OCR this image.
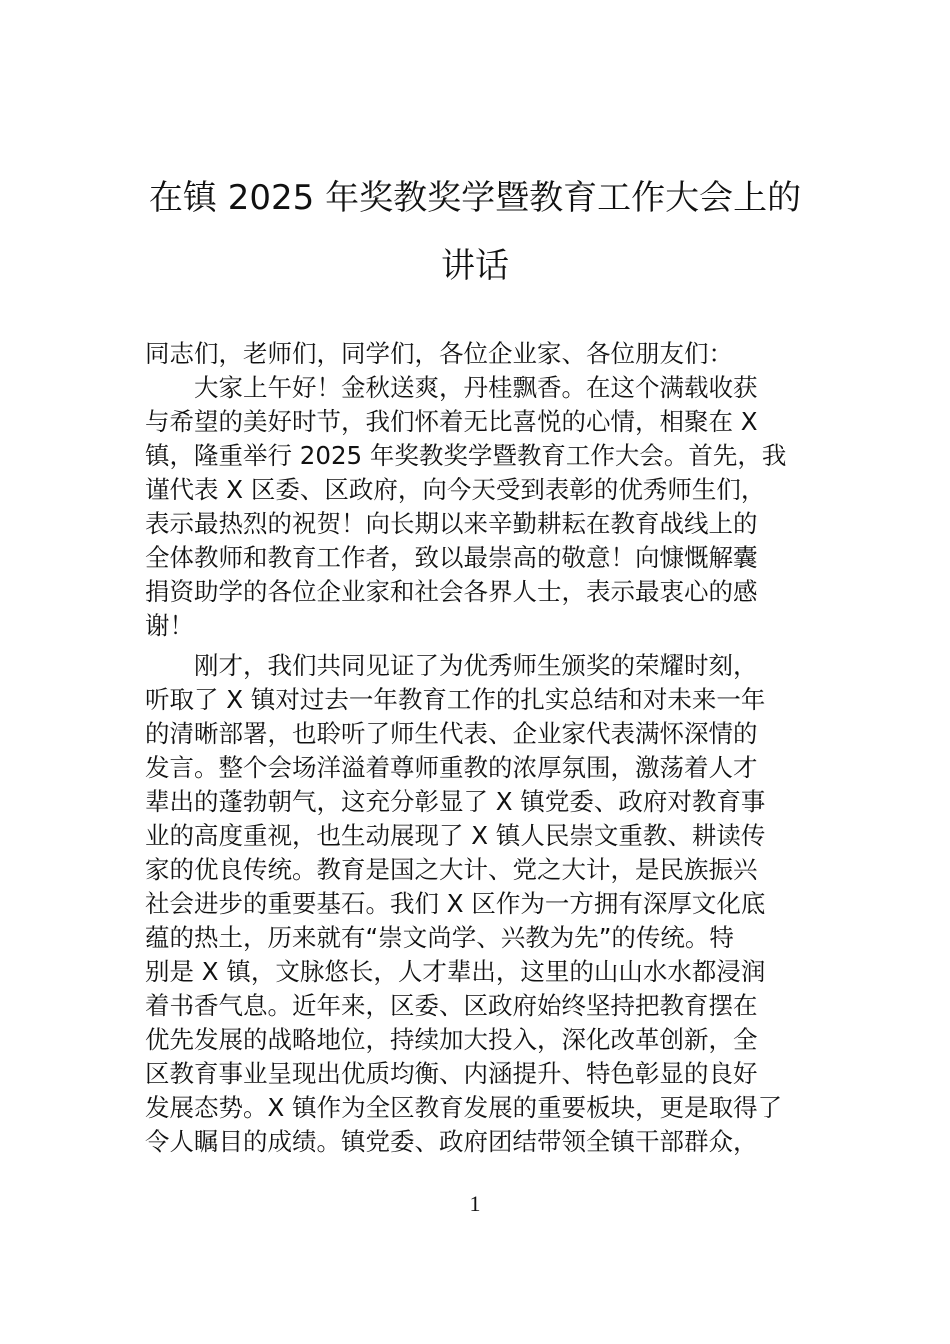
在镇 2025 年奖教奖学暨教育工作大会上的
讲话
同志们，老师们，同学们，各位企业家、各位朋友们：
大家上午好！金秋送爽，丹桂飘香。在这个满载收获
与希望的美好时节，我们怀着无比喜悦的心情，相聚在 X
镇，隆重举行 2025 年奖教奖学暨教育工作大会。首先，我
谨代表 X 区委、区政府，向今天受到表彰的优秀师生们，
表示最热烈的祝贺！向长期以来辛勤耕耘在教育战线上的
全体教师和教育工作者，致以最崇高的敬意！向慷慨解囊
捐资助学的各位企业家和社会各界人士，表示最衷心的感
谢！
刚才，我们共同见证了为优秀师生颁奖的荣耀时刻，
听取了 X 镇对过去一年教育工作的扎实总结和对未来一年
的清晰部署，也聆听了师生代表、企业家代表满怀深情的
发言。整个会场洋溢着尊师重教的浓厚氛围，激荡着人才
辈出的蓬勃朝气，这充分彰显了 X 镇党委、政府对教育事
业的高度重视，也生动展现了 X 镇人民崇文重教、耕读传
家的优良传统。教育是国之大计、党之大计，是民族振兴
社会进步的重要基石。我们 X 区作为一方拥有深厚文化底
蕴的热土，历来就有“崇文尚学、兴教为先”的传统。特
别是 X 镇，文脉悠长，人才辈出，这里的山山水水都浸润
着书香气息。近年来，区委、区政府始终坚持把教育摆在
优先发展的战略地位，持续加大投入，深化改革创新，全
区教育事业呈现出优质均衡、内涵提升、特色彰显的良好
发展态势。X 镇作为全区教育发展的重要板块，更是取得了
令人瞩目的成绩。镇党委、政府团结带领全镇干部群众，
1
